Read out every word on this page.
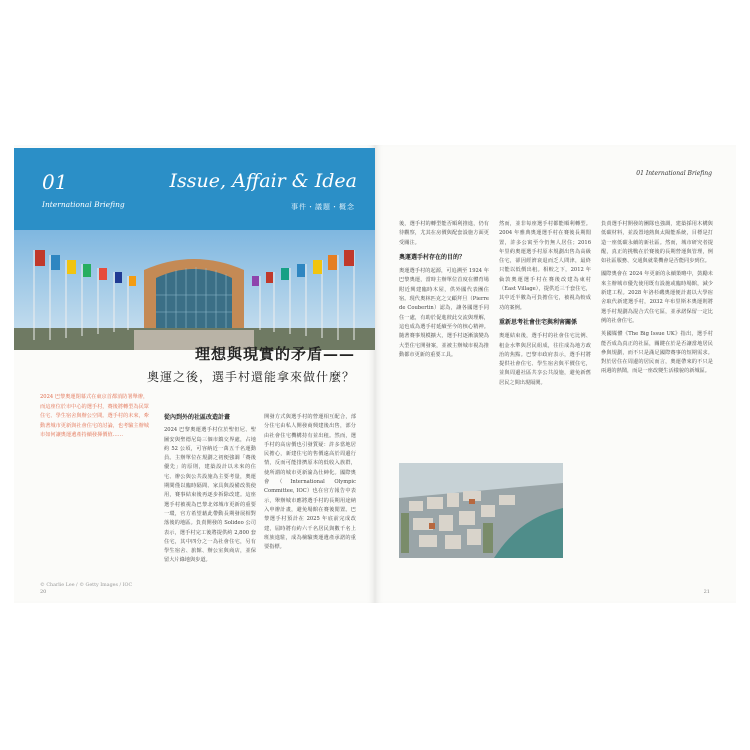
01
International Briefing
Issue, Affair & Idea
事件・議題・概念
理想與現實的矛盾——
奧運之後，選手村還能拿來做什麼？
2024 巴黎奧運閉幕式在東京首都消防署舉辦，而這座位於市中心的選手村，賽後將轉型為民眾住宅、學生宿舍與辦公空間。選手村的未來，牽動著城市更新與社會住宅的討論，也考驗主辦城市如何讓奧運遺產持續發揮價值……
© Charlie Lee / © Getty Images / IOC
從內到外的社區改造計畫
2024 巴黎奧運選手村位於聖但尼、聖圖安與聖德尼島三個市鎮交界處，占地約 52 公頃，可容納近一萬五千名運動員。主辦單位在規劃之初便強調「賽後優先」的原則，建築設計以未來的住宅、辦公與公共設施為主要考量，奧運期間僅以臨時隔間、家具與設備改裝使用，賽事結束後再逐步拆除改建。這座選手村被視為巴黎北郊城市更新的重要一環，官方希望藉此帶動長期發展相對落後的地區。負責開發的 Solideo 公司表示，選手村完工後將提供約 2,800 套住宅，其中四分之一為社會住宅，另有學生宿舍、旅館、辦公室與商店，並保留大片綠地與步道。
開發方式與選手村的營運相互配合，部分住宅由私人開發商興建後出售，部分由社會住宅機構持有並出租。然而，選手村的高房價也引發質疑：許多當地居民擔心，新建住宅的售價遠高於周邊行情，反而可能排擠原本的低收入族群，使所謂的城市更新淪為仕紳化。國際奧會（International Olympic Committee, IOC）也在官方報告中表示，舉辦城市應將選手村的長期用途納入申辦計畫，避免場館在賽後閒置。巴黎選手村預計在 2025 年底前完成改建，屆時將有約六千名居民與數千名上班族進駐，成為檢驗奧運遺產承諾的重要指標。
20
01 International Briefing
後，選手村的轉型能否順利推進，仍有待觀察，尤其在房價與配套設施方面更受關注。
奧運選手村存在的目的？
奧運選手村的起源，可追溯至 1924 年巴黎奧運，當時主辦單位首度在體育場附近興建臨時木屋，供外國代表團住宿。現代奧林匹克之父顧拜旦（Pierre de Coubertin）認為，讓各國選手同住一處，有助於促進彼此交流與理解，這也成為選手村延續至今的核心精神。隨著賽事規模擴大，選手村逐漸演變為大型住宅開發案，並被主辦城市視為推動都市更新的重要工具。
然而，並非每座選手村都能順利轉型。2004 年雅典奧運選手村在賽後長期閒置，許多公寓至今仍無人居住；2016 年里約奧運選手村原本規劃出售為高級住宅，卻因經濟衰退而乏人問津，最終只能以低價出租。相較之下，2012 年倫敦奧運選手村在賽後改建為東村（East Village），提供近三千套住宅，其中近半數為可負擔住宅，被視為較成功的案例。
重新思考社會住宅與利害關係
奧運結束後，選手村的社會住宅比例、租金水準與居民組成，往往成為地方政治的焦點。巴黎市政府表示，選手村將提供社會住宅、學生宿舍與平價住宅，並與周邊社區共享公共設施，避免新舊居民之間出現隔閡。
負責選手村開發的團隊也強調，建築採用木構與低碳材料，並設置地熱與太陽能系統，目標是打造一座低碳永續的新社區。然而，城市研究者提醒，真正的挑戰在於賽後的長期營運與管理，例如社區服務、交通與就業機會是否能同步到位。
國際奧會在 2024 年更新的永續策略中，鼓勵未來主辦城市優先使用既有設施或臨時場館，減少新建工程。2028 年洛杉磯奧運便計畫以大學宿舍取代新建選手村，2032 年布里斯本奧運則將選手村規劃為混合式住宅區，並承諾保留一定比例的社會住宅。
英國媒體《The Big Issue UK》指出，選手村能否成為真正的社區，關鍵在於是否讓當地居民參與規劃，而不只是滿足國際賽事的短期需求。對於居住在周邊的居民而言，奧運帶來的不只是兩週的熱鬧，而是一座改變生活樣貌的新城區。
21
